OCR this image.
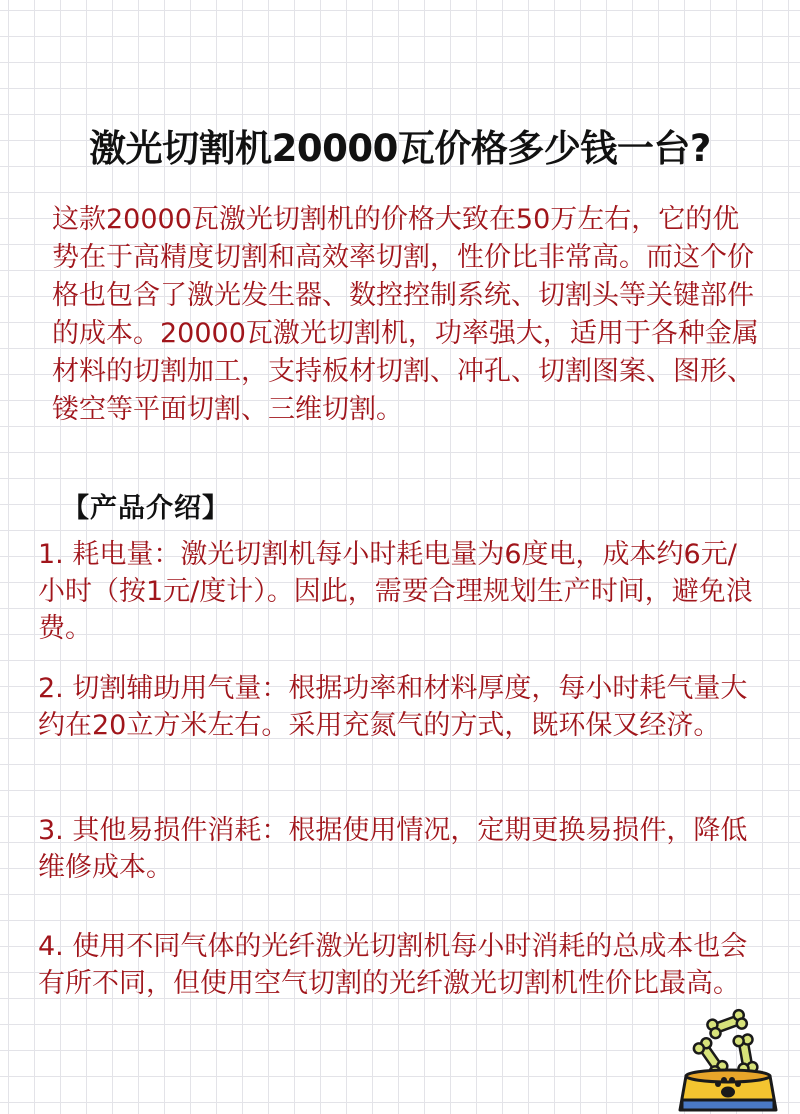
激光切割机20000瓦价格多少钱一台?

这款20000瓦激光切割机的价格大致在50万左右，它的优势在于高精度切割和高效率切割，性价比非常高。而这个价格也包含了激光发生器、数控控制系统、切割头等关键部件的成本。20000瓦激光切割机，功率强大，适用于各种金属材料的切割加工，支持板材切割、冲孔、切割图案、图形、镂空等平面切割、三维切割。

【产品介绍】

1. 耗电量：激光切割机每小时耗电量为6度电，成本约6元/小时（按1元/度计）。因此，需要合理规划生产时间，避免浪费。

2. 切割辅助用气量：根据功率和材料厚度，每小时耗气量大约在20立方米左右。采用充氮气的方式，既环保又经济。

3. 其他易损件消耗：根据使用情况，定期更换易损件，降低维修成本。

4. 使用不同气体的光纤激光切割机每小时消耗的总成本也会有所不同，但使用空气切割的光纤激光切割机性价比最高。
